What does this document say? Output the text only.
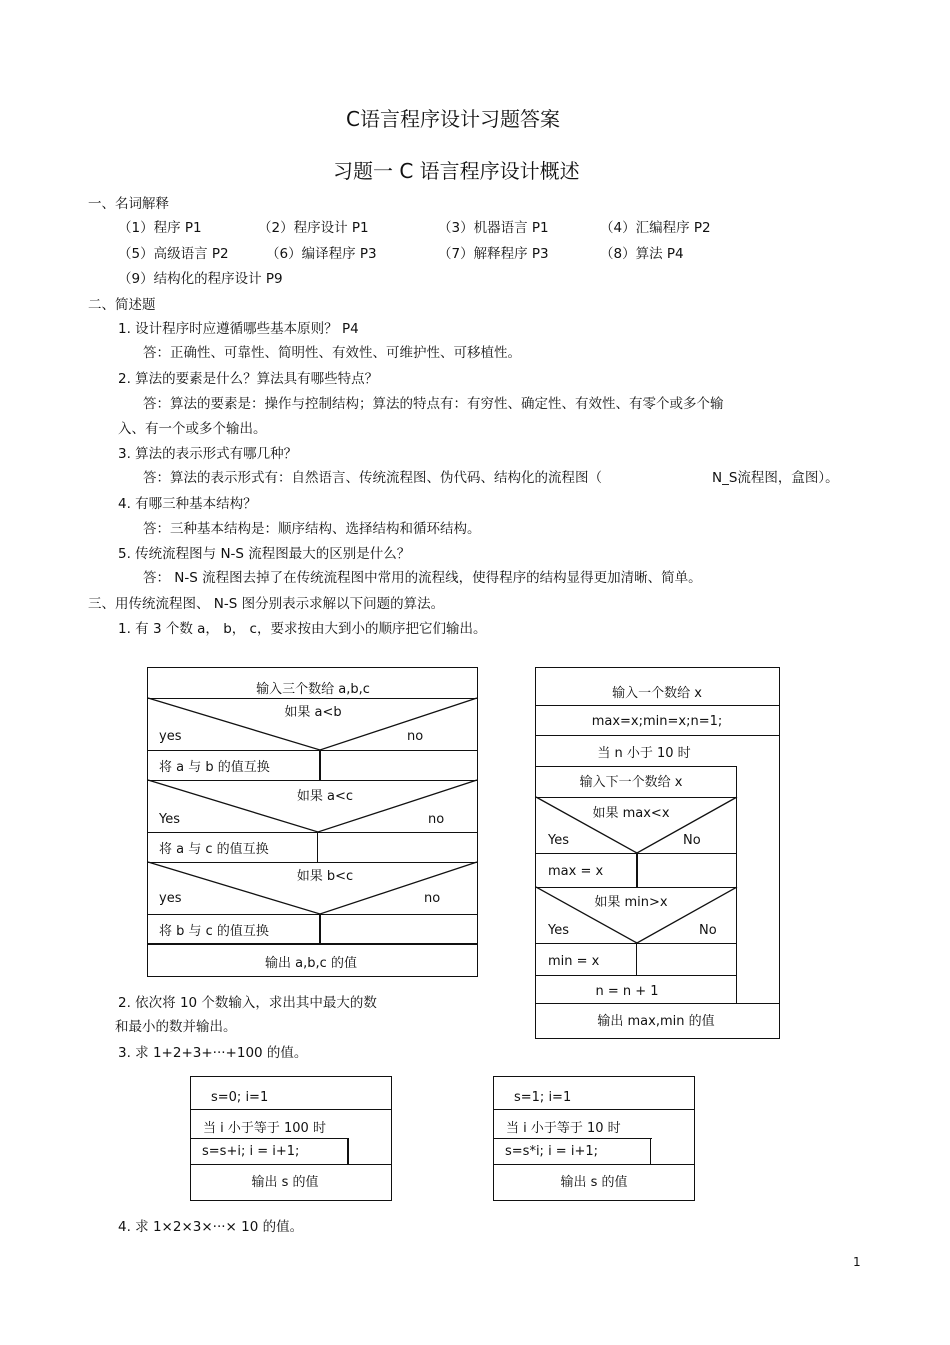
C语言程序设计习题答案
习题一 C 语言程序设计概述
一、名词解释
（1）程序 P1	（2）程序设计 P1	（3）机器语言 P1	（4）汇编程序 P2
（5）高级语言 P2	（6）编译程序 P3	（7）解释程序 P3	（8）算法 P4
（9）结构化的程序设计 P9
二、简述题
1. 设计程序时应遵循哪些基本原则？ P4
答：正确性、可靠性、简明性、有效性、可维护性、可移植性。
2. 算法的要素是什么？算法具有哪些特点？
答：算法的要素是：操作与控制结构；算法的特点有：有穷性、确定性、有效性、有零个或多个输
入、有一个或多个输出。
3. 算法的表示形式有哪几种？
答：算法的表示形式有：自然语言、传统流程图、伪代码、结构化的流程图（	N_S流程图，盒图）。
4. 有哪三种基本结构？
答：三种基本结构是：顺序结构、选择结构和循环结构。
5. 传统流程图与 N-S 流程图最大的区别是什么？
答： N-S 流程图去掉了在传统流程图中常用的流程线，使得程序的结构显得更加清晰、简单。
三、用传统流程图、 N-S 图分别表示求解以下问题的算法。
1. 有 3 个数 a， b， c，要求按由大到小的顺序把它们输出。
输入三个数给 a,b,c
如果 a<b
yes	no
将 a 与 b 的值互换
如果 a<c
Yes	no
将 a 与 c 的值互换
如果 b<c
yes	no
将 b 与 c 的值互换
输出 a,b,c 的值
输入一个数给 x
max=x;min=x;n=1;
当 n 小于 10 时
输入下一个数给 x
如果 max<x
Yes	No
max = x
如果 min>x
Yes	No
min = x
n = n + 1
输出 max,min 的值
2. 依次将 10 个数输入，求出其中最大的数
和最小的数并输出。
3. 求 1+2+3+···+100 的值。
s=0; i=1
当 i 小于等于 100 时
s=s+i; i = i+1;
输出 s 的值
s=1; i=1
当 i 小于等于 10 时
s=s*i; i = i+1;
输出 s 的值
4. 求 1×2×3×···× 10 的值。
1
